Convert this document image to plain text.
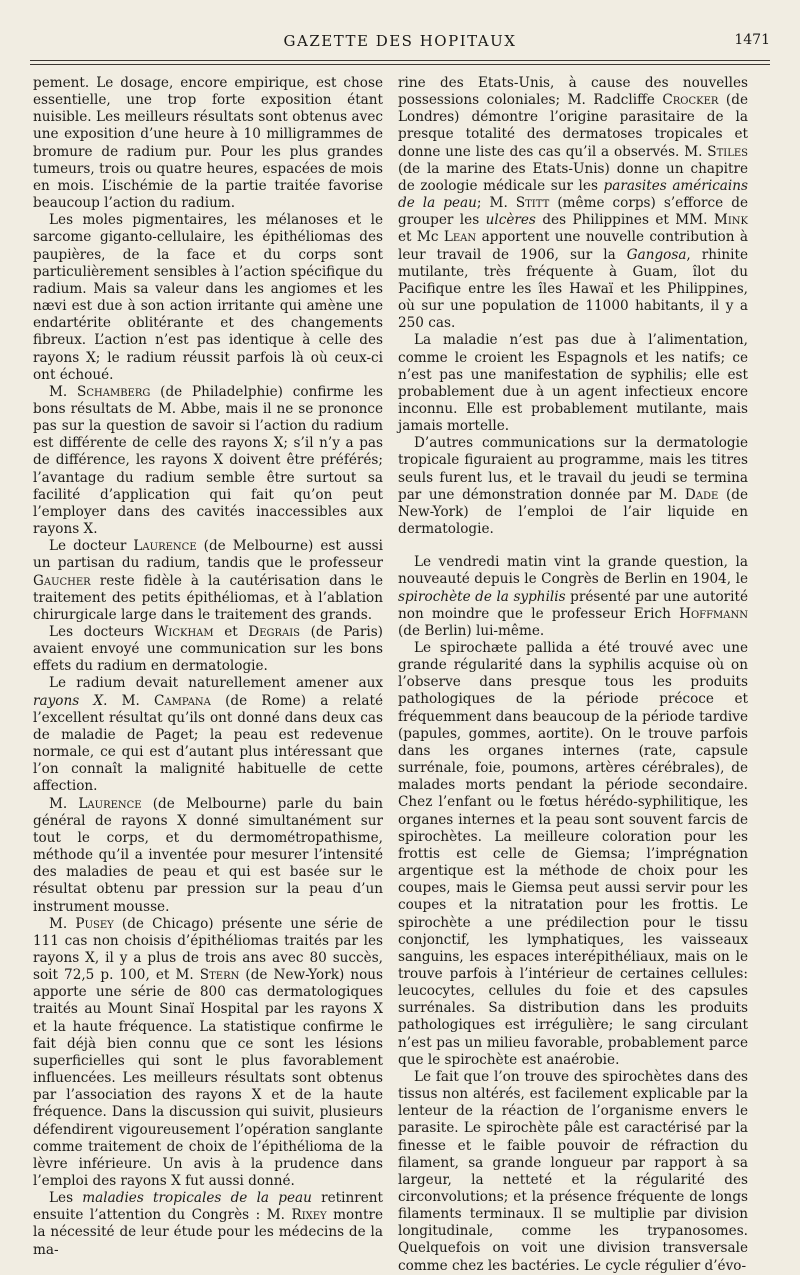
GAZETTE DES HOPITAUX	1471

pement. Le dosage, encore empirique, est chose essentielle, une trop forte exposition étant nuisible. Les meilleurs résultats sont obtenus avec une exposition d’une heure à 10 milligrammes de bromure de radium pur. Pour les plus grandes tumeurs, trois ou quatre heures, espacées de mois en mois. L’ischémie de la partie traitée favorise beaucoup l’action du radium.

Les moles pigmentaires, les mélanoses et le sarcome giganto-cellulaire, les épithéliomas des paupières, de la face et du corps sont particulièrement sensibles à l’action spécifique du radium. Mais sa valeur dans les angiomes et les nævi est due à son action irritante qui amène une endartérite oblitérante et des changements fibreux. L’action n’est pas identique à celle des rayons X; le radium réussit parfois là où ceux-ci ont échoué.

M. Schamberg (de Philadelphie) confirme les bons résultats de M. Abbe, mais il ne se prononce pas sur la question de savoir si l’action du radium est différente de celle des rayons X; s’il n’y a pas de différence, les rayons X doivent être préférés; l’avantage du radium semble être surtout sa facilité d’application qui fait qu’on peut l’employer dans des cavités inaccessibles aux rayons X.

Le docteur Laurence (de Melbourne) est aussi un partisan du radium, tandis que le professeur Gaucher reste fidèle à la cautérisation dans le traitement des petits épithéliomas, et à l’ablation chirurgicale large dans le traitement des grands.

Les docteurs Wickham et Degrais (de Paris) avaient envoyé une communication sur les bons effets du radium en dermatologie.

Le radium devait naturellement amener aux rayons X. M. Campana (de Rome) a relaté l’excellent résultat qu’ils ont donné dans deux cas de maladie de Paget; la peau est redevenue normale, ce qui est d’autant plus intéressant que l’on connaît la malignité habituelle de cette affection.

M. Laurence (de Melbourne) parle du bain général de rayons X donné simultanément sur tout le corps, et du dermométropathisme, méthode qu’il a inventée pour mesurer l’intensité des maladies de peau et qui est basée sur le résultat obtenu par pression sur la peau d’un instrument mousse.

M. Pusey (de Chicago) présente une série de 111 cas non choisis d’épithéliomas traités par les rayons X, il y a plus de trois ans avec 80 succès, soit 72,5 p. 100, et M. Stern (de New-York) nous apporte une série de 800 cas dermatologiques traités au Mount Sinaï Hospital par les rayons X et la haute fréquence. La statistique confirme le fait déjà bien connu que ce sont les lésions superficielles qui sont le plus favorablement influencées. Les meilleurs résultats sont obtenus par l’association des rayons X et de la haute fréquence. Dans la discussion qui suivit, plusieurs défendirent vigoureusement l’opération sanglante comme traitement de choix de l’épithélioma de la lèvre inférieure. Un avis à la prudence dans l’emploi des rayons X fut aussi donné.

Les maladies tropicales de la peau retinrent ensuite l’attention du Congrès : M. Rixey montre la nécessité de leur étude pour les médecins de la ma-

rine des Etats-Unis, à cause des nouvelles possessions coloniales; M. Radcliffe Crocker (de Londres) démontre l’origine parasitaire de la presque totalité des dermatoses tropicales et donne une liste des cas qu’il a observés. M. Stiles (de la marine des Etats-Unis) donne un chapitre de zoologie médicale sur les parasites américains de la peau; M. Stitt (même corps) s’efforce de grouper les ulcères des Philippines et MM. Mink et Mc Lean apportent une nouvelle contribution à leur travail de 1906, sur la Gangosa, rhinite mutilante, très fréquente à Guam, îlot du Pacifique entre les îles Hawaï et les Philippines, où sur une population de 11000 habitants, il y a 250 cas.

La maladie n’est pas due à l’alimentation, comme le croient les Espagnols et les natifs; ce n’est pas une manifestation de syphilis; elle est probablement due à un agent infectieux encore inconnu. Elle est probablement mutilante, mais jamais mortelle.

D’autres communications sur la dermatologie tropicale figuraient au programme, mais les titres seuls furent lus, et le travail du jeudi se termina par une démonstration donnée par M. Dade (de New-York) de l’emploi de l’air liquide en dermatologie.

Le vendredi matin vint la grande question, la nouveauté depuis le Congrès de Berlin en 1904, le spirochète de la syphilis présenté par une autorité non moindre que le professeur Erich Hoffmann (de Berlin) lui-même.

Le spirochæte pallida a été trouvé avec une grande régularité dans la syphilis acquise où on l’observe dans presque tous les produits pathologiques de la période précoce et fréquemment dans beaucoup de la période tardive (papules, gommes, aortite). On le trouve parfois dans les organes internes (rate, capsule surrénale, foie, poumons, artères cérébrales), de malades morts pendant la période secondaire. Chez l’enfant ou le fœtus hérédo-syphilitique, les organes internes et la peau sont souvent farcis de spirochètes. La meilleure coloration pour les frottis est celle de Giemsa; l’imprégnation argentique est la méthode de choix pour les coupes, mais le Giemsa peut aussi servir pour les coupes et la nitratation pour les frottis. Le spirochète a une prédilection pour le tissu conjonctif, les lymphatiques, les vaisseaux sanguins, les espaces interépithéliaux, mais on le trouve parfois à l’intérieur de certaines cellules: leucocytes, cellules du foie et des capsules surrénales. Sa distribution dans les produits pathologiques est irrégulière; le sang circulant n’est pas un milieu favorable, probablement parce que le spirochète est anaérobie.

Le fait que l’on trouve des spirochètes dans des tissus non altérés, est facilement explicable par la lenteur de la réaction de l’organisme envers le parasite. Le spirochète pâle est caractérisé par la finesse et le faible pouvoir de réfraction du filament, sa grande longueur par rapport à sa largeur, la netteté et la régularité des circonvolutions; et la présence fréquente de longs filaments terminaux. Il se multiplie par division longitudinale, comme les trypanosomes. Quelquefois on voit une division transversale comme chez les bactéries. Le cycle régulier d’évo-
